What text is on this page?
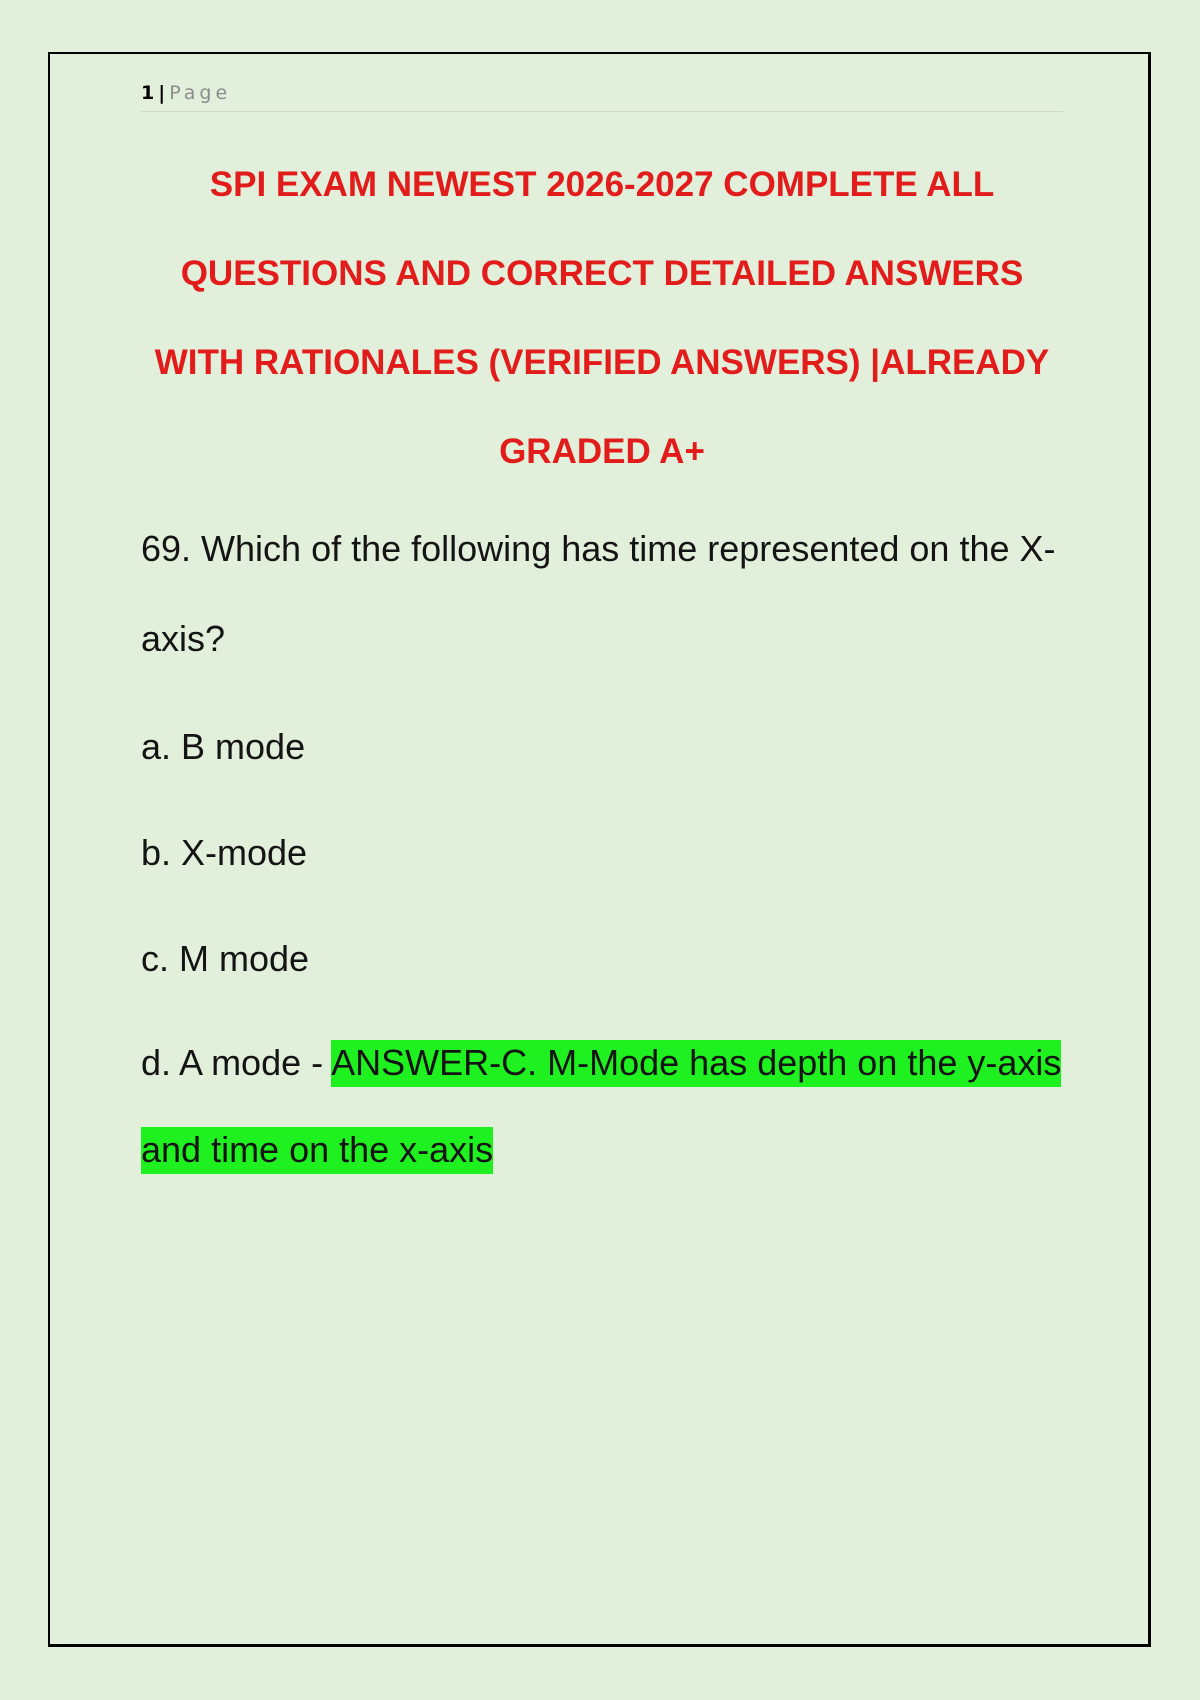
1 | Page
SPI EXAM NEWEST 2026-2027 COMPLETE ALL
QUESTIONS AND CORRECT DETAILED ANSWERS
WITH RATIONALES (VERIFIED ANSWERS) |ALREADY
GRADED A+

69. Which of the following has time represented on the X-

axis?

a. B mode

b. X-mode

c. M mode

d. A mode - ANSWER-C. M-Mode has depth on the y-axis

and time on the x-axis
